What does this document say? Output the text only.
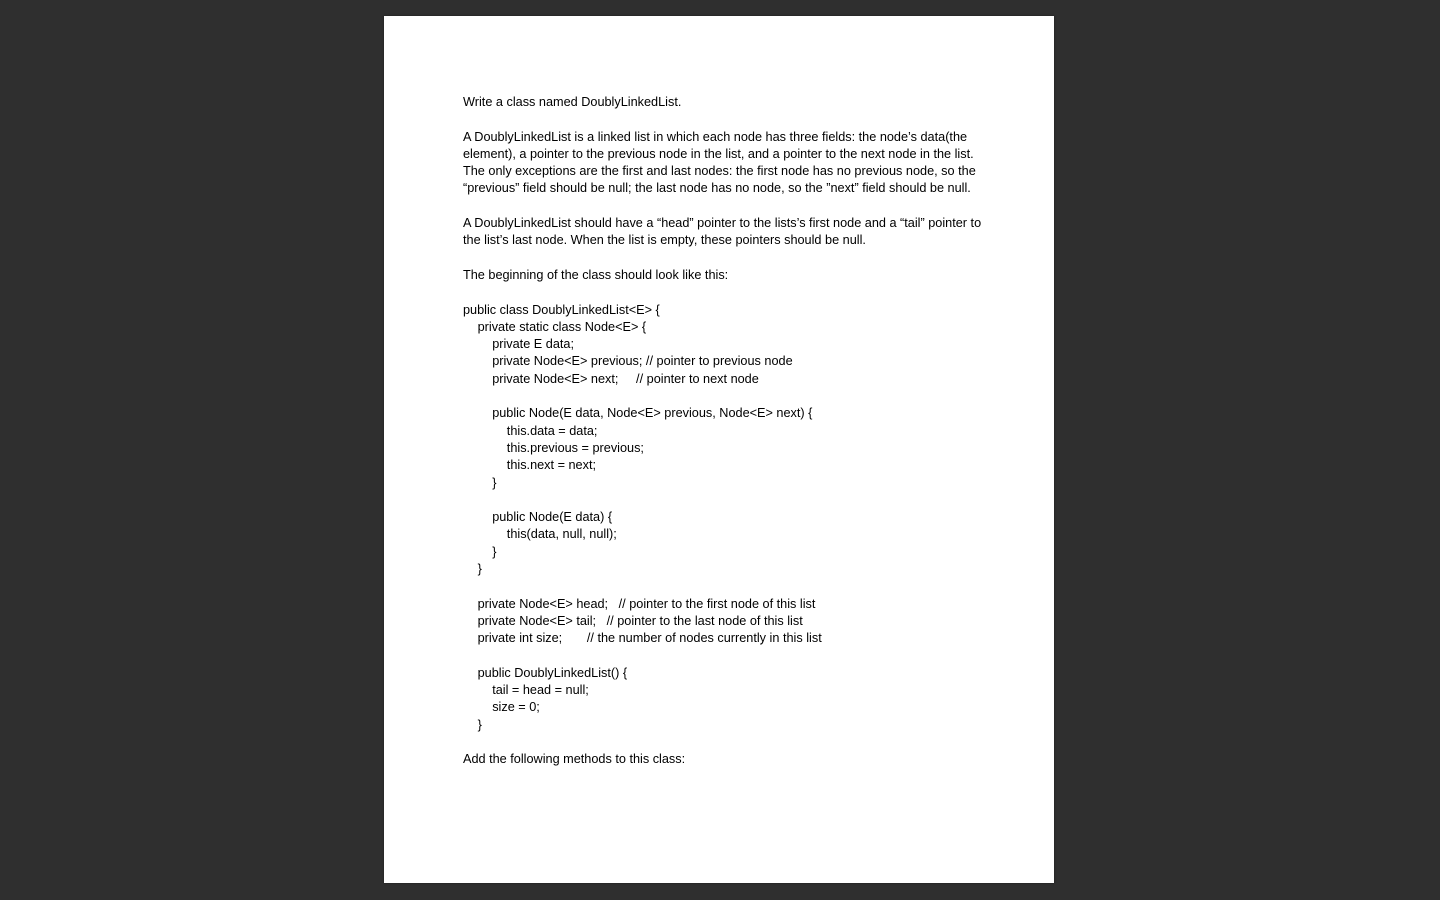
Write a class named DoublyLinkedList.

A DoublyLinkedList is a linked list in which each node has three fields: the node’s data(the element), a pointer to the previous node in the list, and a pointer to the next node in the list. The only exceptions are the first and last nodes: the first node has no previous node, so the “previous” field should be null; the last node has no node, so the ”next” field should be null.

A DoublyLinkedList should have a “head” pointer to the lists’s first node and a “tail” pointer to the list’s last node. When the list is empty, these pointers should be null.

The beginning of the class should look like this:

public class DoublyLinkedList<E> {
private static class Node<E> {
private E data;
private Node<E> previous; // pointer to previous node
private Node<E> next;     // pointer to next node
public Node(E data, Node<E> previous, Node<E> next) {
this.data = data;
this.previous = previous;
this.next = next;
}
public Node(E data) {
this(data, null, null);
}
}
private Node<E> head;   // pointer to the first node of this list
private Node<E> tail;   // pointer to the last node of this list
private int size;       // the number of nodes currently in this list
public DoublyLinkedList() {
tail = head = null;
size = 0;
}

Add the following methods to this class:
